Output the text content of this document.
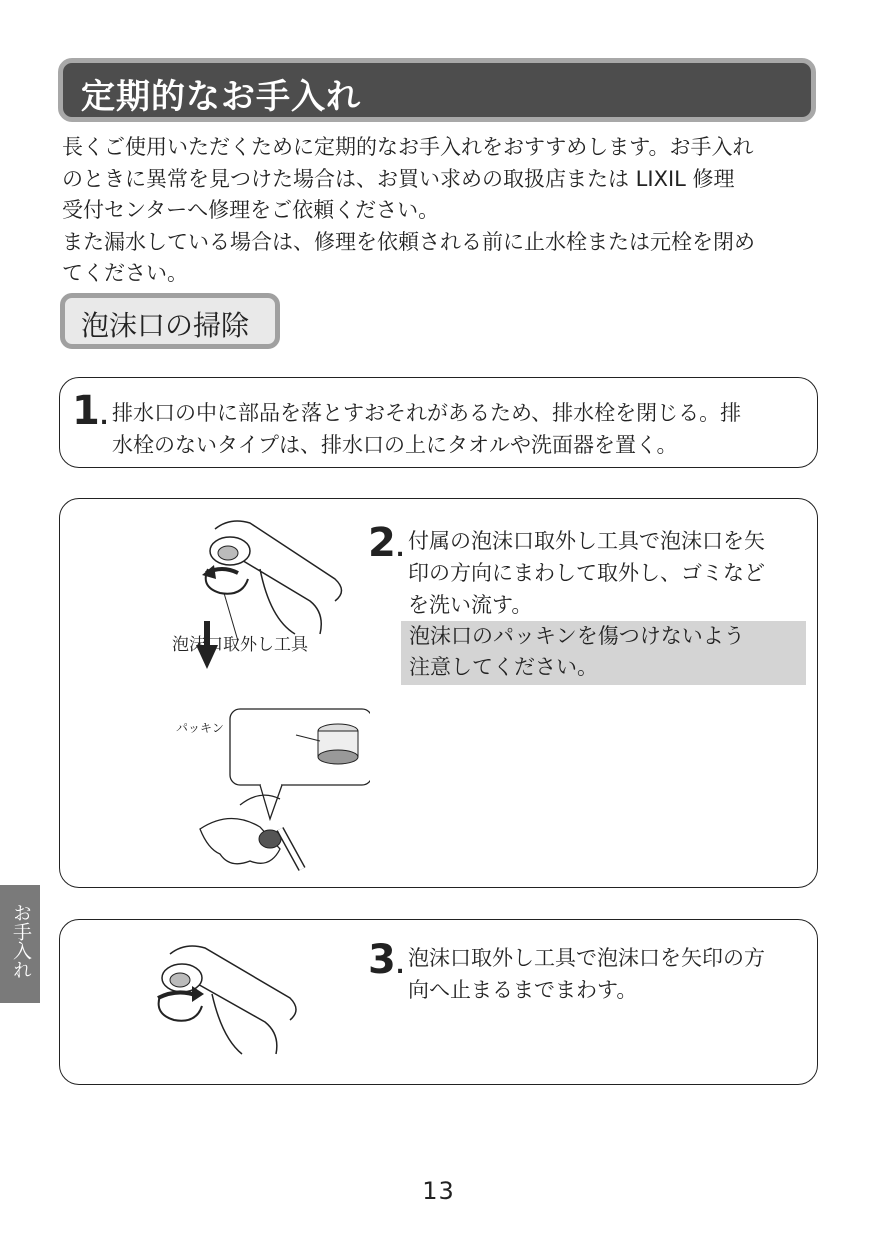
定期的なお手入れ

長くご使用いただくために定期的なお手入れをおすすめします。お手入れ

のときに異常を見つけた場合は、お買い求めの取扱店または LIXIL 修理

受付センターへ修理をご依頼ください。

また漏水している場合は、修理を依頼される前に止水栓または元栓を閉め

てください。

泡沫口の掃除
1. 排水口の中に部品を落とすおそれがあるため、排水栓を閉じる。排
水栓のないタイプは、排水口の上にタオルや洗面器を置く。
泡沫口取外し工具
パッキン
2. 付属の泡沫口取外し工具で泡沫口を矢
印の方向にまわして取外し、ゴミなど
を洗い流す。
泡沫口のパッキンを傷つけないよう
注意してください。
3. 泡沫口取外し工具で泡沫口を矢印の方
向へ止まるまでまわす。
お手入れ
13
